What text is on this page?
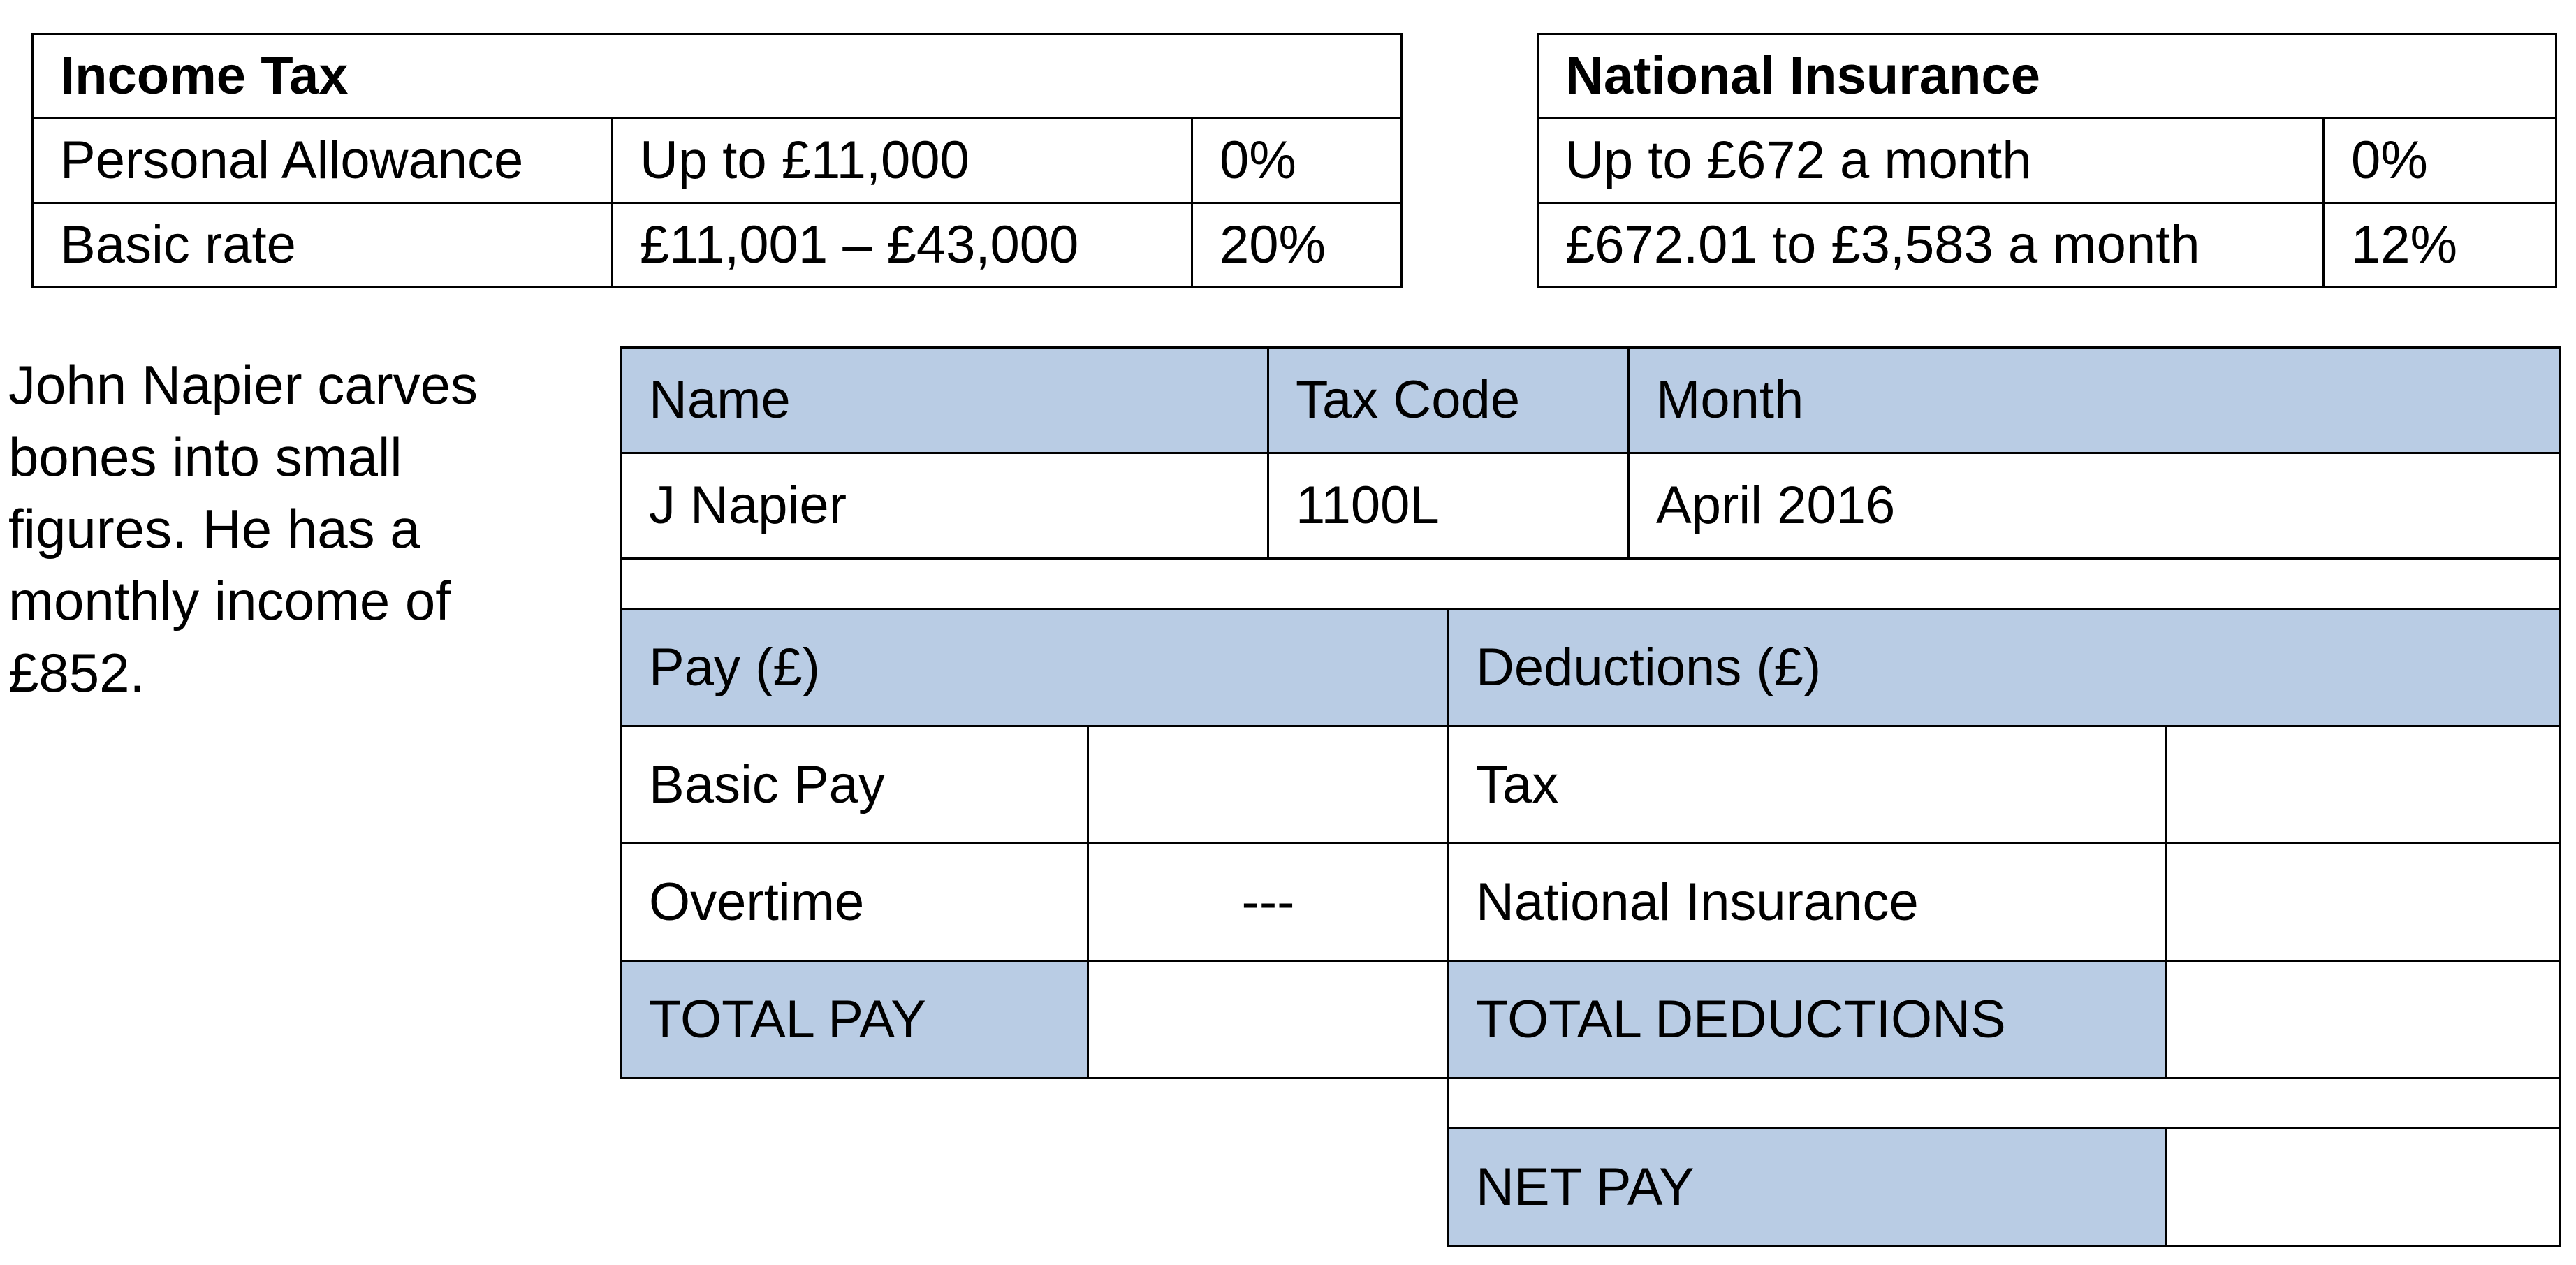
Income Tax		
Personal Allowance	Up to £11,000	0%
Basic rate	£11,001 – £43,000	20%
National Insurance	
Up to £672 a month	0%
£672.01 to £3,583 a month	12%
John Napier carves bones into small figures. He has a monthly income of £852.
Name		Tax Code		Month	
J Napier		1100L		April 2016	

Pay (£)			Deductions (£)		
Basic Pay			Tax		
Overtime	---		National Insurance		
TOTAL PAY			TOTAL DEDUCTIONS		

			NET PAY		
